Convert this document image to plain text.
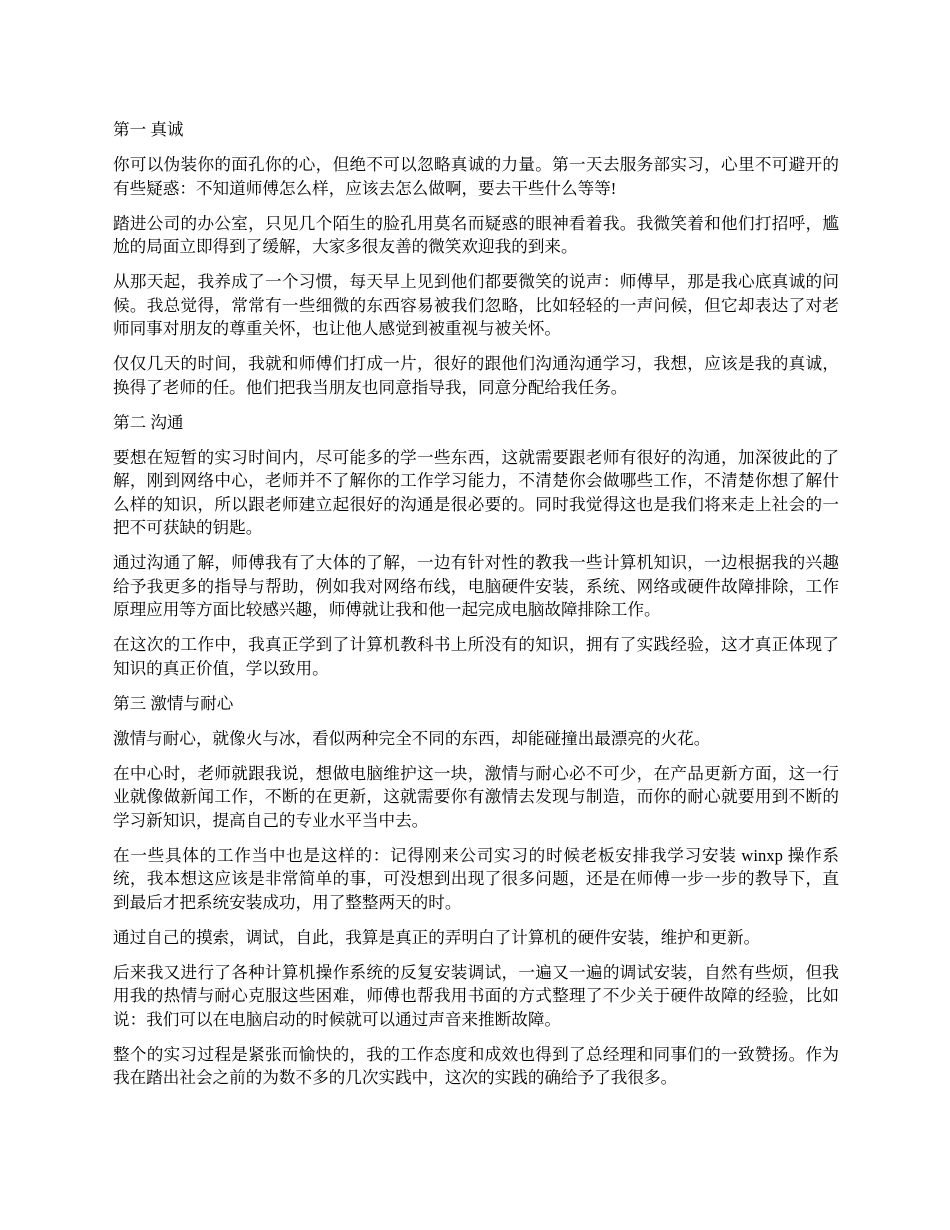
第一 真诚

你可以伪装你的面孔你的心，但绝不可以忽略真诚的力量。第一天去服务部实习，心里不可避开的有些疑惑：不知道师傅怎么样，应该去怎么做啊，要去干些什么等等!

踏进公司的办公室，只见几个陌生的脸孔用莫名而疑惑的眼神看着我。我微笑着和他们打招呼，尴尬的局面立即得到了缓解，大家多很友善的微笑欢迎我的到来。

从那天起，我养成了一个习惯，每天早上见到他们都要微笑的说声：师傅早，那是我心底真诚的问候。我总觉得，常常有一些细微的东西容易被我们忽略，比如轻轻的一声问候，但它却表达了对老师同事对朋友的尊重关怀，也让他人感觉到被重视与被关怀。

仅仅几天的时间，我就和师傅们打成一片，很好的跟他们沟通沟通学习，我想，应该是我的真诚，换得了老师的任。他们把我当朋友也同意指导我，同意分配给我任务。

第二 沟通

要想在短暂的实习时间内，尽可能多的学一些东西，这就需要跟老师有很好的沟通，加深彼此的了解，刚到网络中心，老师并不了解你的工作学习能力，不清楚你会做哪些工作，不清楚你想了解什么样的知识，所以跟老师建立起很好的沟通是很必要的。同时我觉得这也是我们将来走上社会的一把不可获缺的钥匙。

通过沟通了解，师傅我有了大体的了解，一边有针对性的教我一些计算机知识，一边根据我的兴趣给予我更多的指导与帮助，例如我对网络布线，电脑硬件安装，系统、网络或硬件故障排除，工作原理应用等方面比较感兴趣，师傅就让我和他一起完成电脑故障排除工作。

在这次的工作中，我真正学到了计算机教科书上所没有的知识，拥有了实践经验，这才真正体现了知识的真正价值，学以致用。

第三 激情与耐心

激情与耐心，就像火与冰，看似两种完全不同的东西，却能碰撞出最漂亮的火花。

在中心时，老师就跟我说，想做电脑维护这一块，激情与耐心必不可少，在产品更新方面，这一行业就像做新闻工作，不断的在更新，这就需要你有激情去发现与制造，而你的耐心就要用到不断的学习新知识，提高自己的专业水平当中去。

在一些具体的工作当中也是这样的：记得刚来公司实习的时候老板安排我学习安装 winxp 操作系统，我本想这应该是非常简单的事，可没想到出现了很多问题，还是在师傅一步一步的教导下，直到最后才把系统安装成功，用了整整两天的时。

通过自己的摸索，调试，自此，我算是真正的弄明白了计算机的硬件安装，维护和更新。

后来我又进行了各种计算机操作系统的反复安装调试，一遍又一遍的调试安装，自然有些烦，但我用我的热情与耐心克服这些困难，师傅也帮我用书面的方式整理了不少关于硬件故障的经验，比如说：我们可以在电脑启动的时候就可以通过声音来推断故障。

整个的实习过程是紧张而愉快的，我的工作态度和成效也得到了总经理和同事们的一致赞扬。作为我在踏出社会之前的为数不多的几次实践中，这次的实践的确给予了我很多。
